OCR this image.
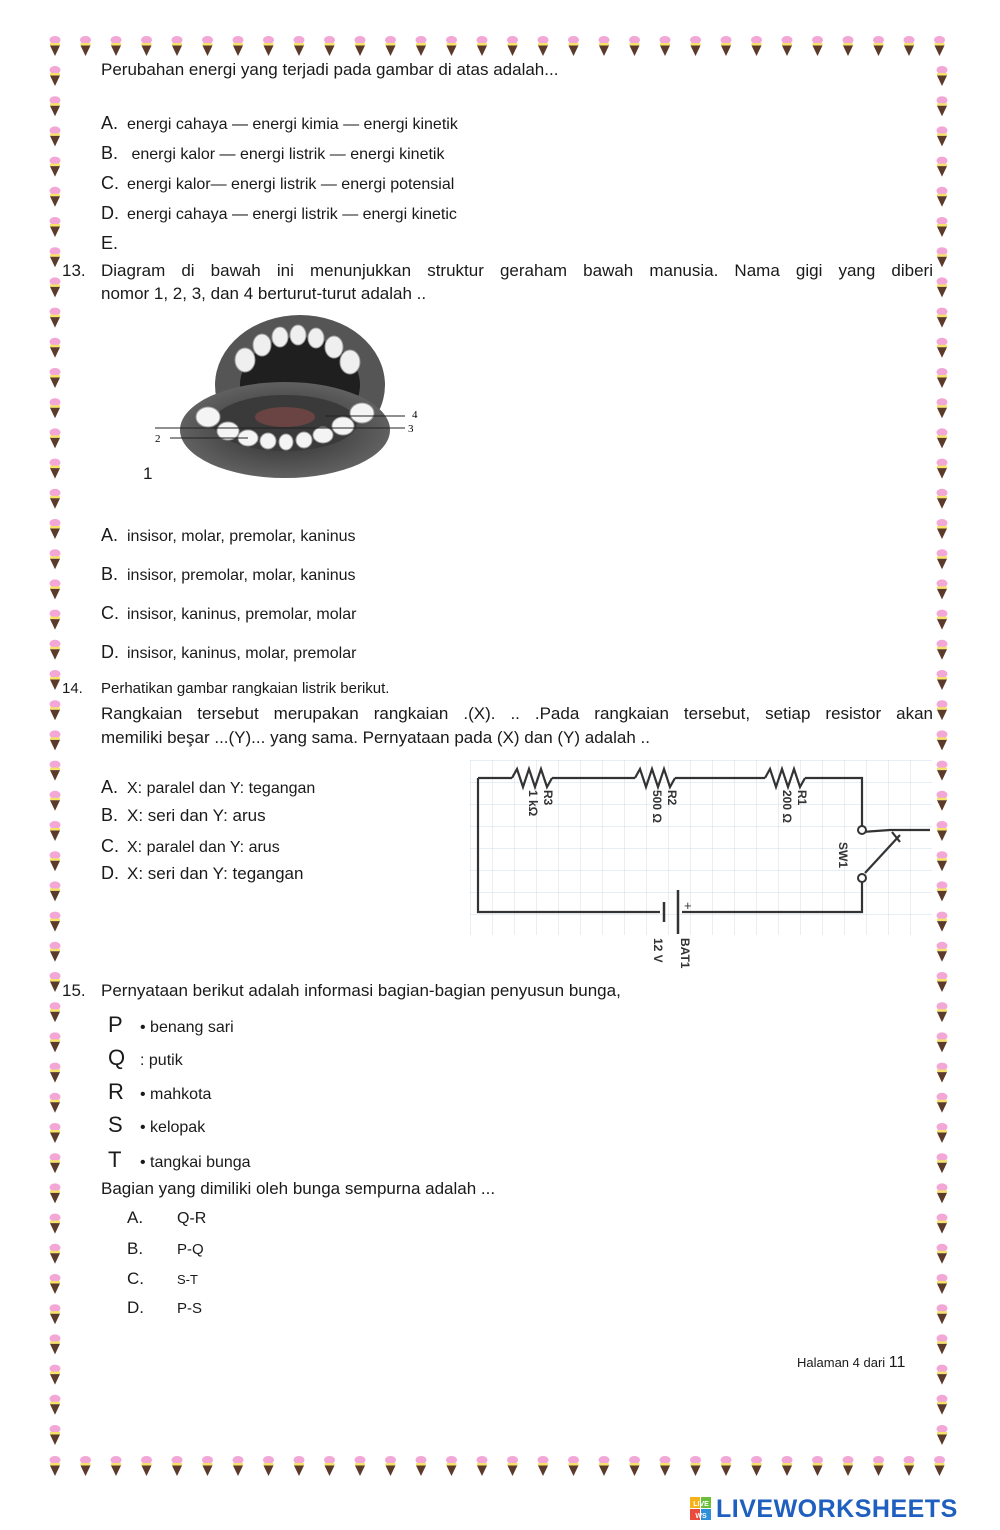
Perubahan energi yang terjadi pada gambar di atas adalah...
A. energi cahaya — energi kimia — energi kinetik
B. energi kalor — energi listrik — energi kinetik
C. energi kalor— energi listrik — energi potensial
D. energi cahaya — energi listrik — energi kinetic
E.
13. Diagram di bawah ini menunjukkan struktur geraham bawah manusia. Nama gigi yang diberi
nomor 1, 2, 3, dan 4 berturut-turut adalah ..
2
3
4
1
A. insisor, molar, premolar, kaninus
B. insisor, premolar, molar, kaninus
C. insisor, kaninus, premolar, molar
D. insisor, kaninus, molar, premolar
14. Perhatikan gambar rangkaian listrik berikut.
Rangkaian tersebut merupakan rangkaian .(X). .. .Pada rangkaian tersebut, setiap resistor akan
memiliki beşar ...(Y)... yang sama. Pernyataan pada (X) dan (Y) adalah ..
A. X: paralel dan Y: tegangan
B. X: seri dan Y: arus
C. X: paralel dan Y: arus
D. X: seri dan Y: tegangan
+
R3
1 kΩ	R2
500 Ω	R1
200 Ω
SW1
BAT1
12 V
15. Pernyataan berikut adalah informasi bagian-bagian penyusun bunga,
P • benang sari
Q : putik
R • mahkota
S • kelopak
T • tangkai bunga
Bagian yang dimiliki oleh bunga sempurna adalah ...
A. Q-R
B. P-Q
C.	S-T
D. P-S
Halaman 4 dari 11
LIVE
WS LIVEWORKSHEETS
